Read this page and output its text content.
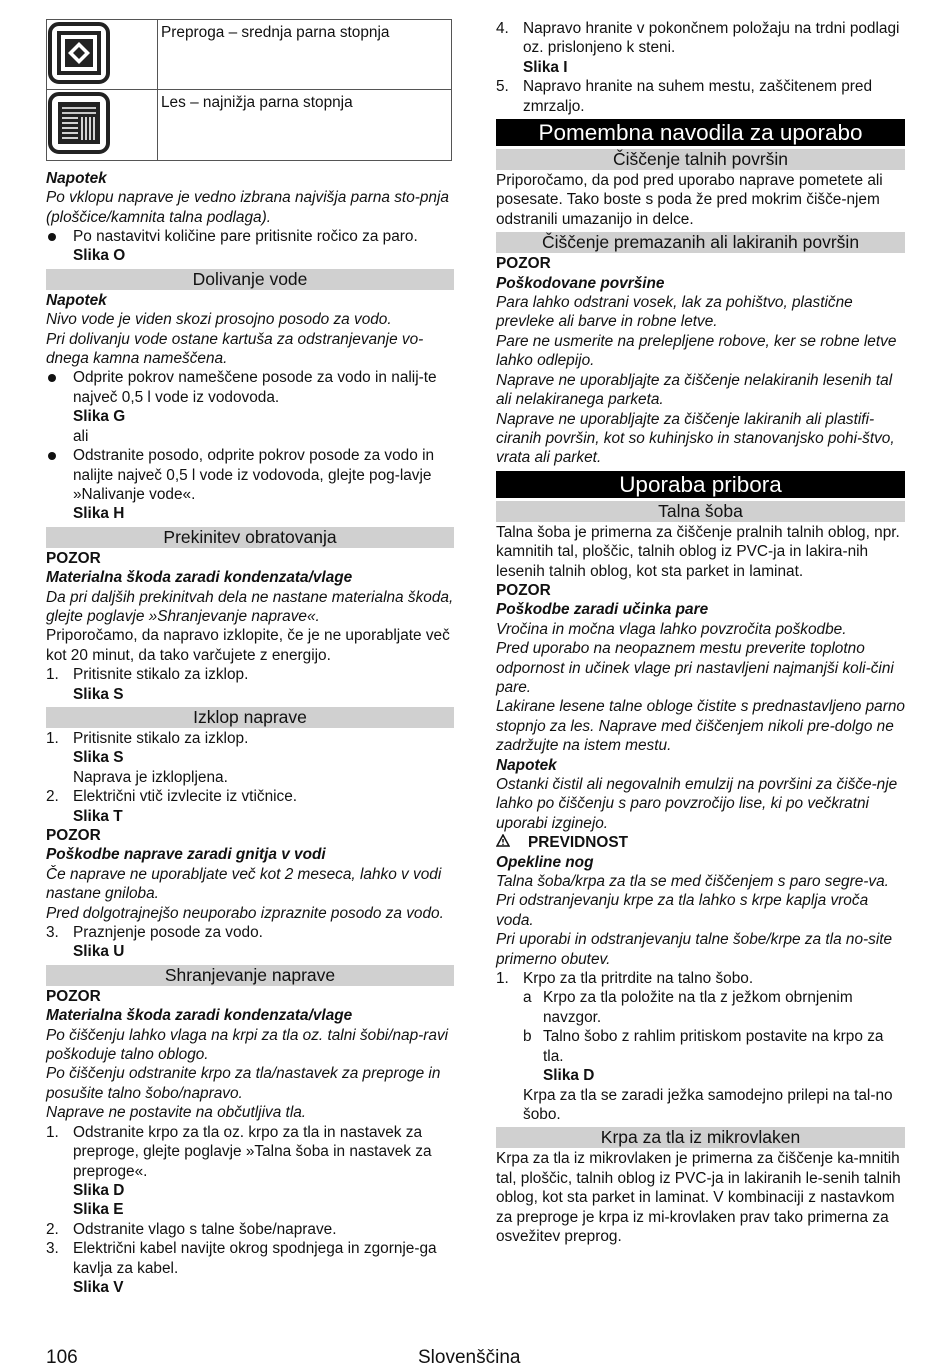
	Preproga – srednja parna stopnja
	Les – najnižja parna stopnja

Napotek

Po vklopu naprave je vedno izbrana najvišja parna sto-pnja (ploščice/kamnita talna podlaga).

Po nastavitvi količine pare pritisnite ročico za paro.

Slika O

Dolivanje vode

Napotek

Nivo vode je viden skozi prosojno posodo za vodo.

Pri dolivanju vode ostane kartuša za odstranjevanje vo-dnega kamna nameščena.

Odprite pokrov nameščene posode za vodo in nalij-te največ 0,5 l vode iz vodovoda.

Slika G

ali

Odstranite posodo, odprite pokrov posode za vodo in nalijte največ 0,5 l vode iz vodovoda, glejte pog-lavje »Nalivanje vode«.

Slika H

Prekinitev obratovanja

POZOR

Materialna škoda zaradi kondenzata/vlage

Da pri daljših prekinitvah dela ne nastane materialna škoda, glejte poglavje »Shranjevanje naprave«.

Priporočamo, da napravo izklopite, če je ne uporabljate več kot 20 minut, da tako varčujete z energijo.

1. Pritisnite stikalo za izklop.

Slika S

Izklop naprave
1. Pritisnite stikalo za izklop.

Slika S

Naprava je izklopljena.

2. Električni vtič izvlecite iz vtičnice.

Slika T

POZOR

Poškodbe naprave zaradi gnitja v vodi

Če naprave ne uporabljate več kot 2 meseca, lahko v vodi nastane gniloba.

Pred dolgotrajnejšo neuporabo izpraznite posodo za vodo.

3. Praznjenje posode za vodo.

Slika U

Shranjevanje naprave

POZOR

Materialna škoda zaradi kondenzata/vlage

Po čiščenju lahko vlaga na krpi za tla oz. talni šobi/nap-ravi poškoduje talno oblogo.

Po čiščenju odstranite krpo za tla/nastavek za preproge in posušite talno šobo/napravo.

Naprave ne postavite na občutljiva tla.

1. Odstranite krpo za tla oz. krpo za tla in nastavek za preproge, glejte poglavje »Talna šoba in nastavek za preproge«.

Slika D

Slika E

2. Odstranite vlago s talne šobe/naprave.
3. Električni kabel navijte okrog spodnjega in zgornje-ga kavlja za kabel.

Slika V

4. Napravo hranite v pokončnem položaju na trdni podlagi oz. prislonjeno k steni.

Slika I

5. Napravo hranite na suhem mestu, zaščitenem pred zmrzaljo.
Pomembna navodila za uporabo
Čiščenje talnih površin

Priporočamo, da pod pred uporabo naprave pometete ali posesate. Tako boste s poda že pred mokrim čišče-njem odstranili umazanijo in delce.

Čiščenje premazanih ali lakiranih površin

POZOR

Poškodovane površine

Para lahko odstrani vosek, lak za pohištvo, plastične prevleke ali barve in robne letve.

Pare ne usmerite na prelepljene robove, ker se robne letve lahko odlepijo.

Naprave ne uporabljajte za čiščenje nelakiranih lesenih tal ali nelakiranega parketa.

Naprave ne uporabljajte za čiščenje lakiranih ali plastifi-ciranih površin, kot so kuhinjsko in stanovanjsko pohi-štvo, vrata ali parket.

Uporaba pribora
Talna šoba

Talna šoba je primerna za čiščenje pralnih talnih oblog, npr. kamnitih tal, ploščic, talnih oblog iz PVC-ja in lakira-nih lesenih talnih oblog, kot sta parket in laminat.

POZOR

Poškodbe zaradi učinka pare

Vročina in močna vlaga lahko povzročita poškodbe.

Pred uporabo na neopaznem mestu preverite toplotno odpornost in učinek vlage pri nastavljeni najmanjši koli-čini pare.

Lakirane lesene talne obloge čistite s prednastavljeno parno stopnjo za les. Naprave med čiščenjem nikoli pre-dolgo ne zadržujte na istem mestu.

Napotek

Ostanki čistil ali negovalnih emulzij na površini za čišče-nje lahko po čiščenju s paro povzročijo lise, ki po večkratni uporabi izginejo.

PREVIDNOST

Opekline nog

Talna šoba/krpa za tla se med čiščenjem s paro segre-va.

Pri odstranjevanju krpe za tla lahko s krpe kaplja vroča voda.

Pri uporabi in odstranjevanju talne šobe/krpe za tla no-site primerno obutev.

1. Krpo za tla pritrdite na talno šobo.
a Krpo za tla položite na tla z ježkom obrnjenim navzgor.
b Talno šobo z rahlim pritiskom postavite na krpo za tla.

Slika D

Krpa za tla se zaradi ježka samodejno prilepi na tal-no šobo.

Krpa za tla iz mikrovlaken

Krpa za tla iz mikrovlaken je primerna za čiščenje ka-mnitih tal, ploščic, talnih oblog iz PVC-ja in lakiranih le-senih talnih oblog, kot sta parket in laminat. V kombinaciji z nastavkom za preproge je krpa iz mi-krovlaken prav tako primerna za osvežitev preprog.

106	Slovenščina
